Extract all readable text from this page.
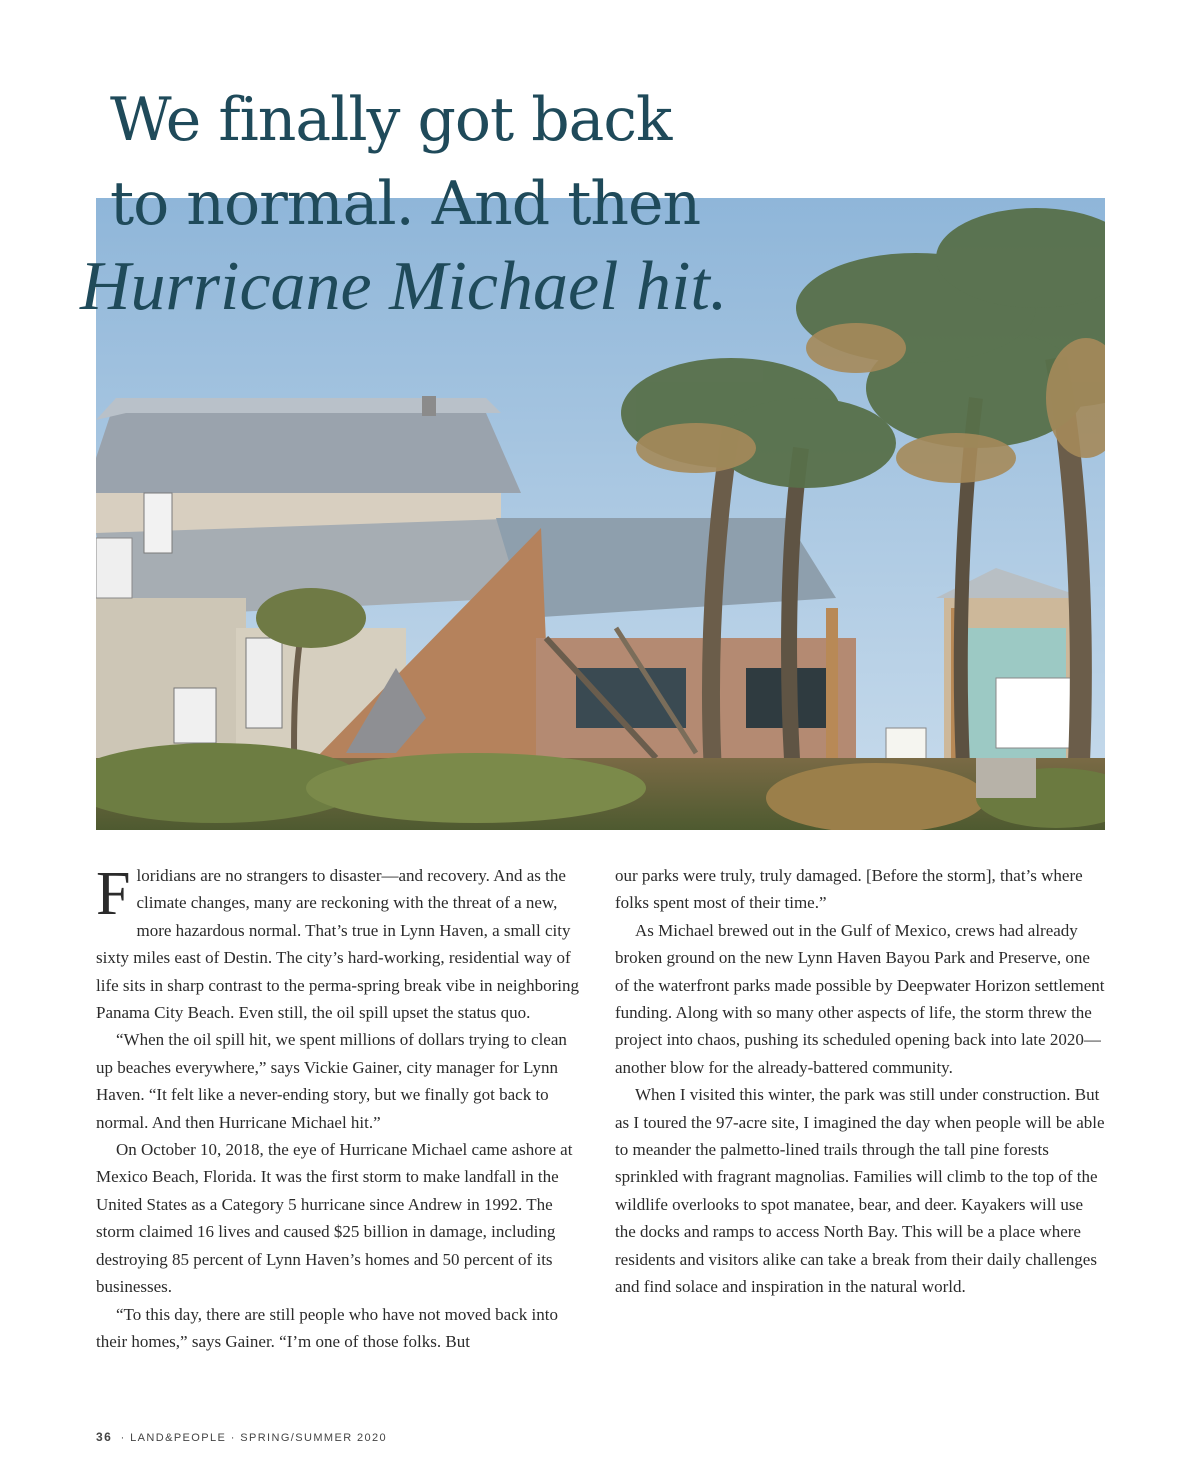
We finally got back
to normal. And then
Hurricane Michael hit.

Floridians are no strangers to disaster—and recovery. And as the climate changes, many are reckoning with the threat of a new, more hazardous normal. That’s true in Lynn Haven, a small city sixty miles east of Destin. The city’s hard-working, residential way of life sits in sharp contrast to the perma-spring break vibe in neighboring Panama City Beach. Even still, the oil spill upset the status quo.

“When the oil spill hit, we spent millions of dollars trying to clean up beaches everywhere,” says Vickie Gainer, city manager for Lynn Haven. “It felt like a never-ending story, but we finally got back to normal. And then Hurricane Michael hit.”

On October 10, 2018, the eye of Hurricane Michael came ashore at Mexico Beach, Florida. It was the first storm to make landfall in the United States as a Category 5 hurricane since Andrew in 1992. The storm claimed 16 lives and caused $25 billion in damage, including destroying 85 percent of Lynn Haven’s homes and 50 percent of its businesses.

“To this day, there are still people who have not moved back into their homes,” says Gainer. “I’m one of those folks. But

our parks were truly, truly damaged. [Before the storm], that’s where folks spent most of their time.”

As Michael brewed out in the Gulf of Mexico, crews had already broken ground on the new Lynn Haven Bayou Park and Preserve, one of the waterfront parks made possible by Deepwater Horizon settlement funding. Along with so many other aspects of life, the storm threw the project into chaos, pushing its scheduled opening back into late 2020—another blow for the already-battered community.

When I visited this winter, the park was still under construction. But as I toured the 97-acre site, I imagined the day when people will be able to meander the palmetto-lined trails through the tall pine forests sprinkled with fragrant magnolias. Families will climb to the top of the wildlife overlooks to spot manatee, bear, and deer. Kayakers will use the docks and ramps to access North Bay. This will be a place where residents and visitors alike can take a break from their daily challenges and find solace and inspiration in the natural world.

36 · LAND&PEOPLE · SPRING/SUMMER 2020
